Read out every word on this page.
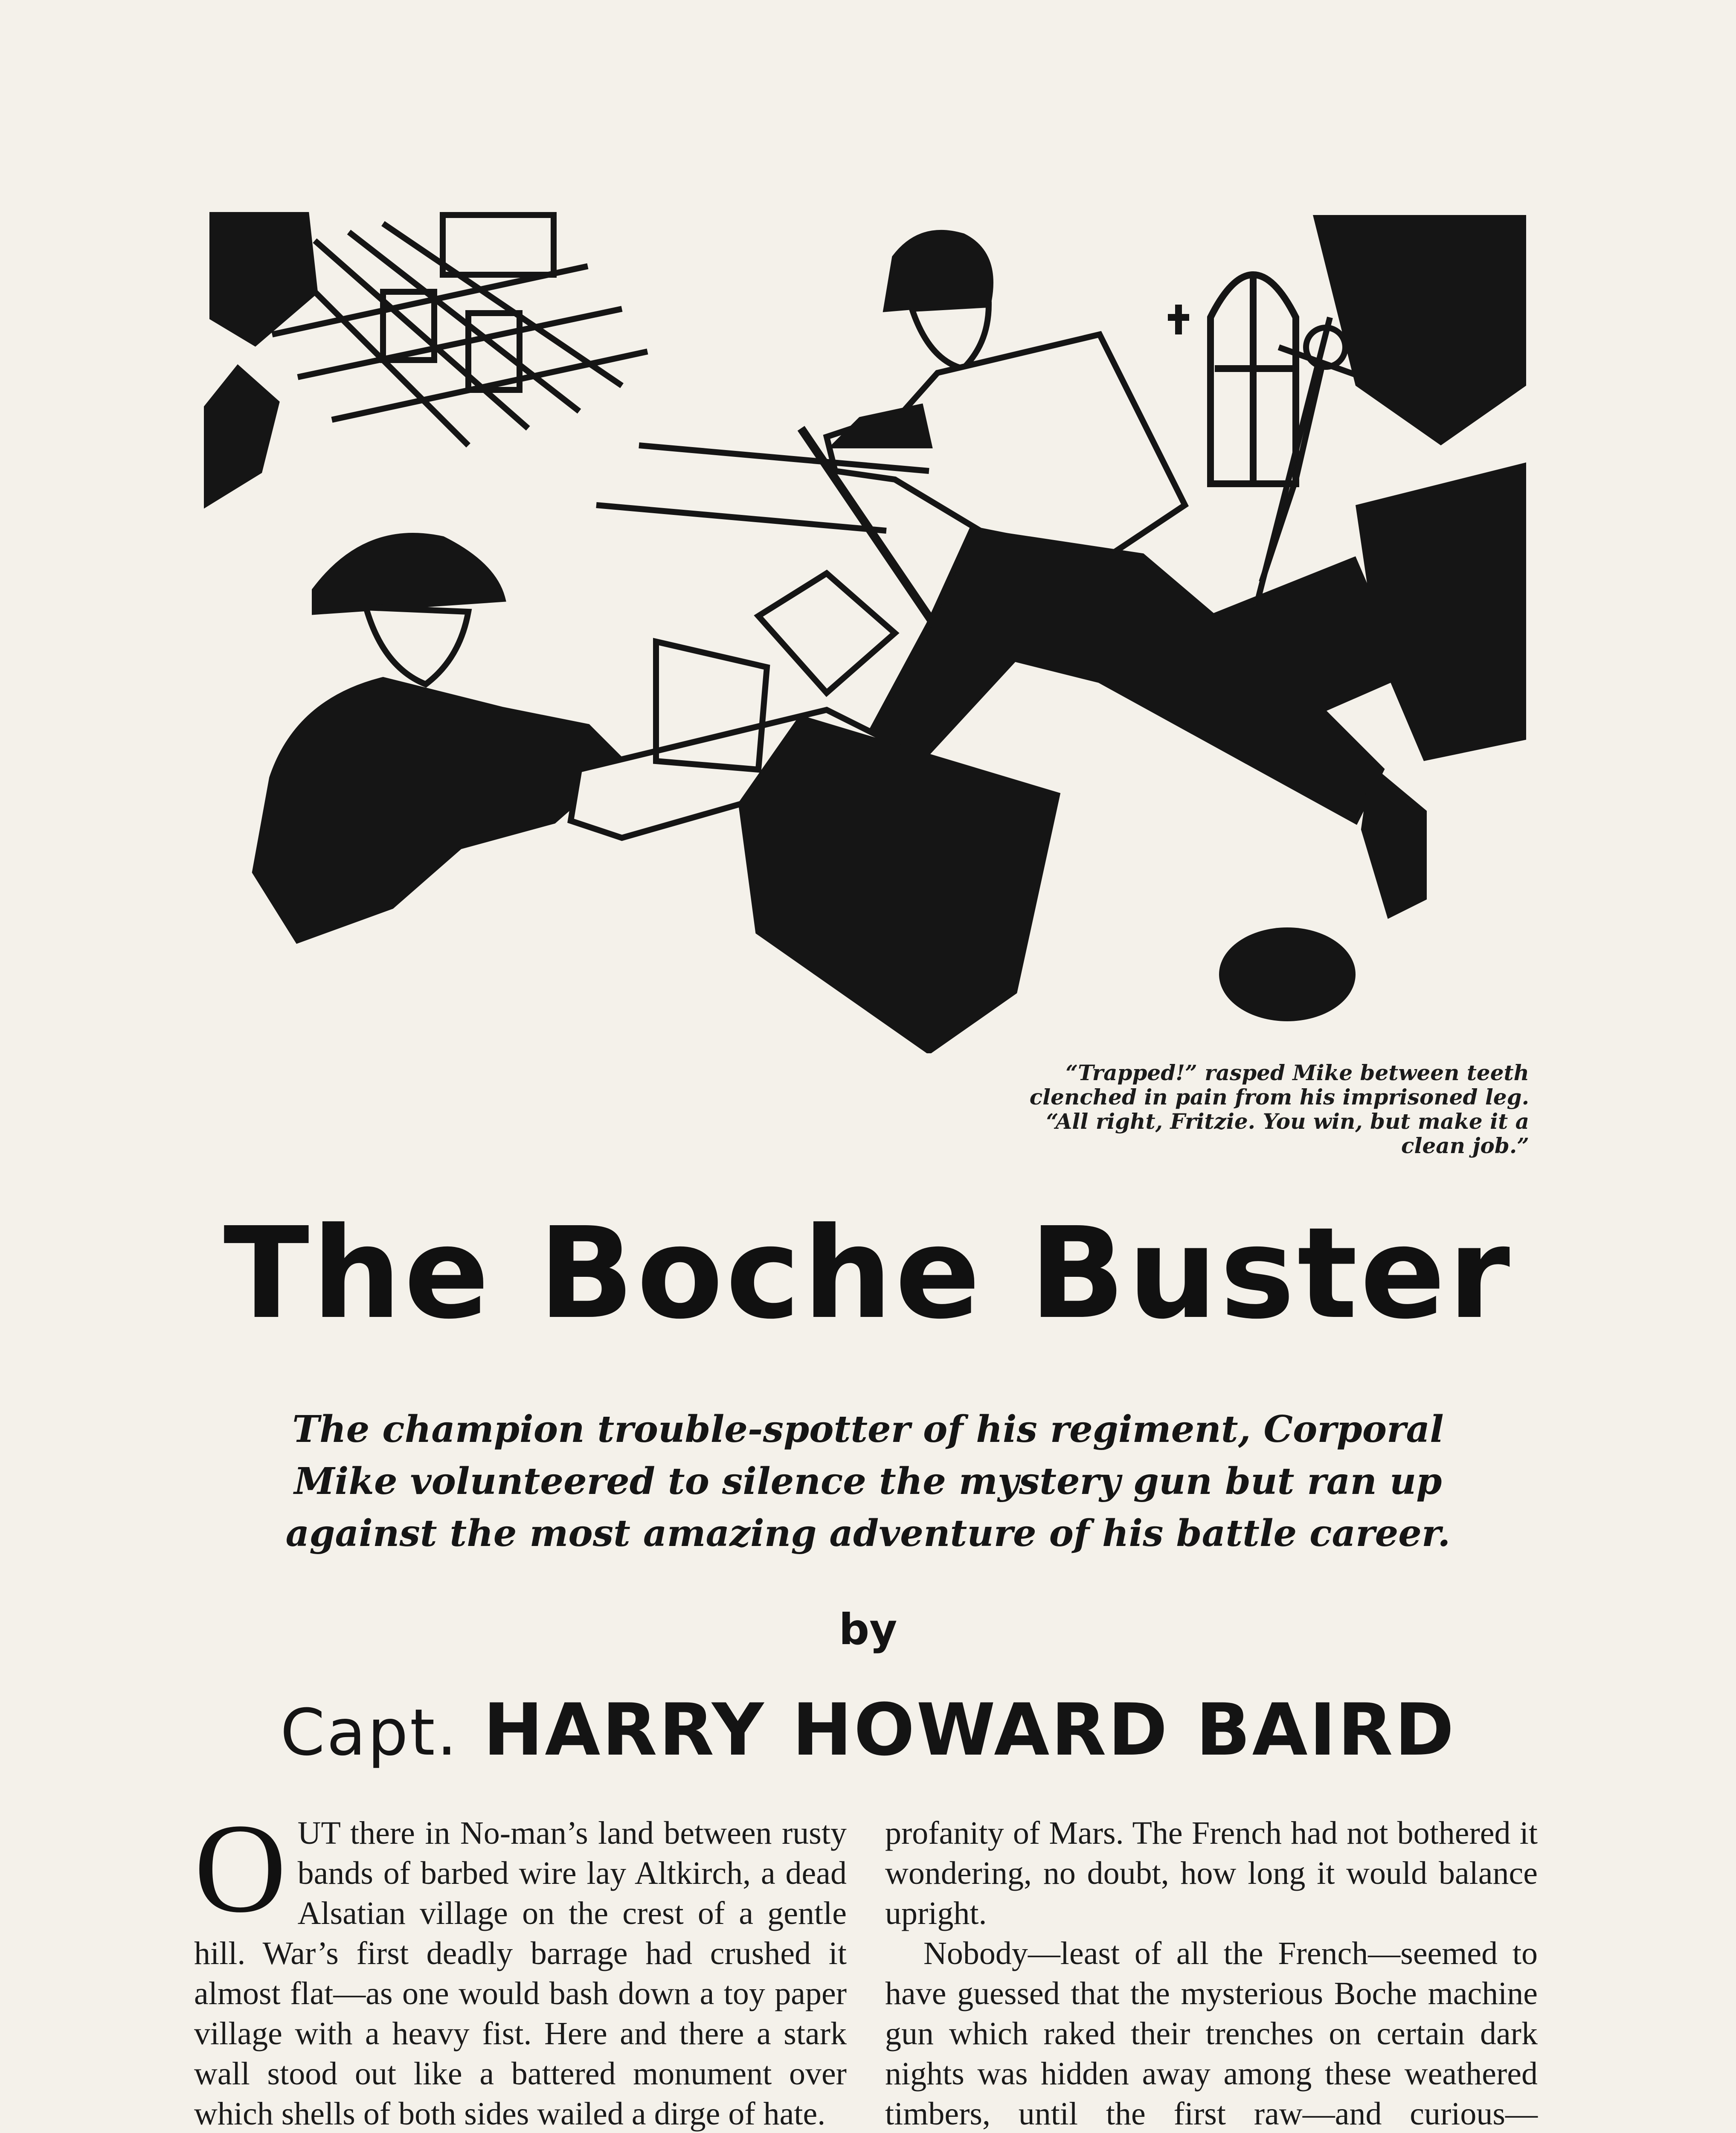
“Trapped!” rasped Mike between teeth clenched in pain from his imprisoned leg. “All right, Fritzie. You win, but make it a clean job.”
The Boche Buster
The champion trouble-spotter of his regiment, Corporal Mike volunteered to silence the mystery gun but ran up against the most amazing adventure of his battle career.
by
Capt. HARRY HOWARD BAIRD

OUT there in No-man’s land between rusty bands of barbed wire lay Altkirch, a dead Alsatian village on the crest of a gentle hill. War’s first deadly barrage had crushed it almost flat—as one would bash down a toy paper village with a heavy fist. Here and there a stark wall stood out like a battered monument over which shells of both sides wailed a dirge of hate.

profanity of Mars. The French had not bothered it wondering, no doubt, how long it would balance upright.

Nobody—least of all the French—seemed to have guessed that the mysterious Boche machine gun which raked their trenches on certain dark nights was hidden away among these weathered timbers, until the first raw—and curious—
